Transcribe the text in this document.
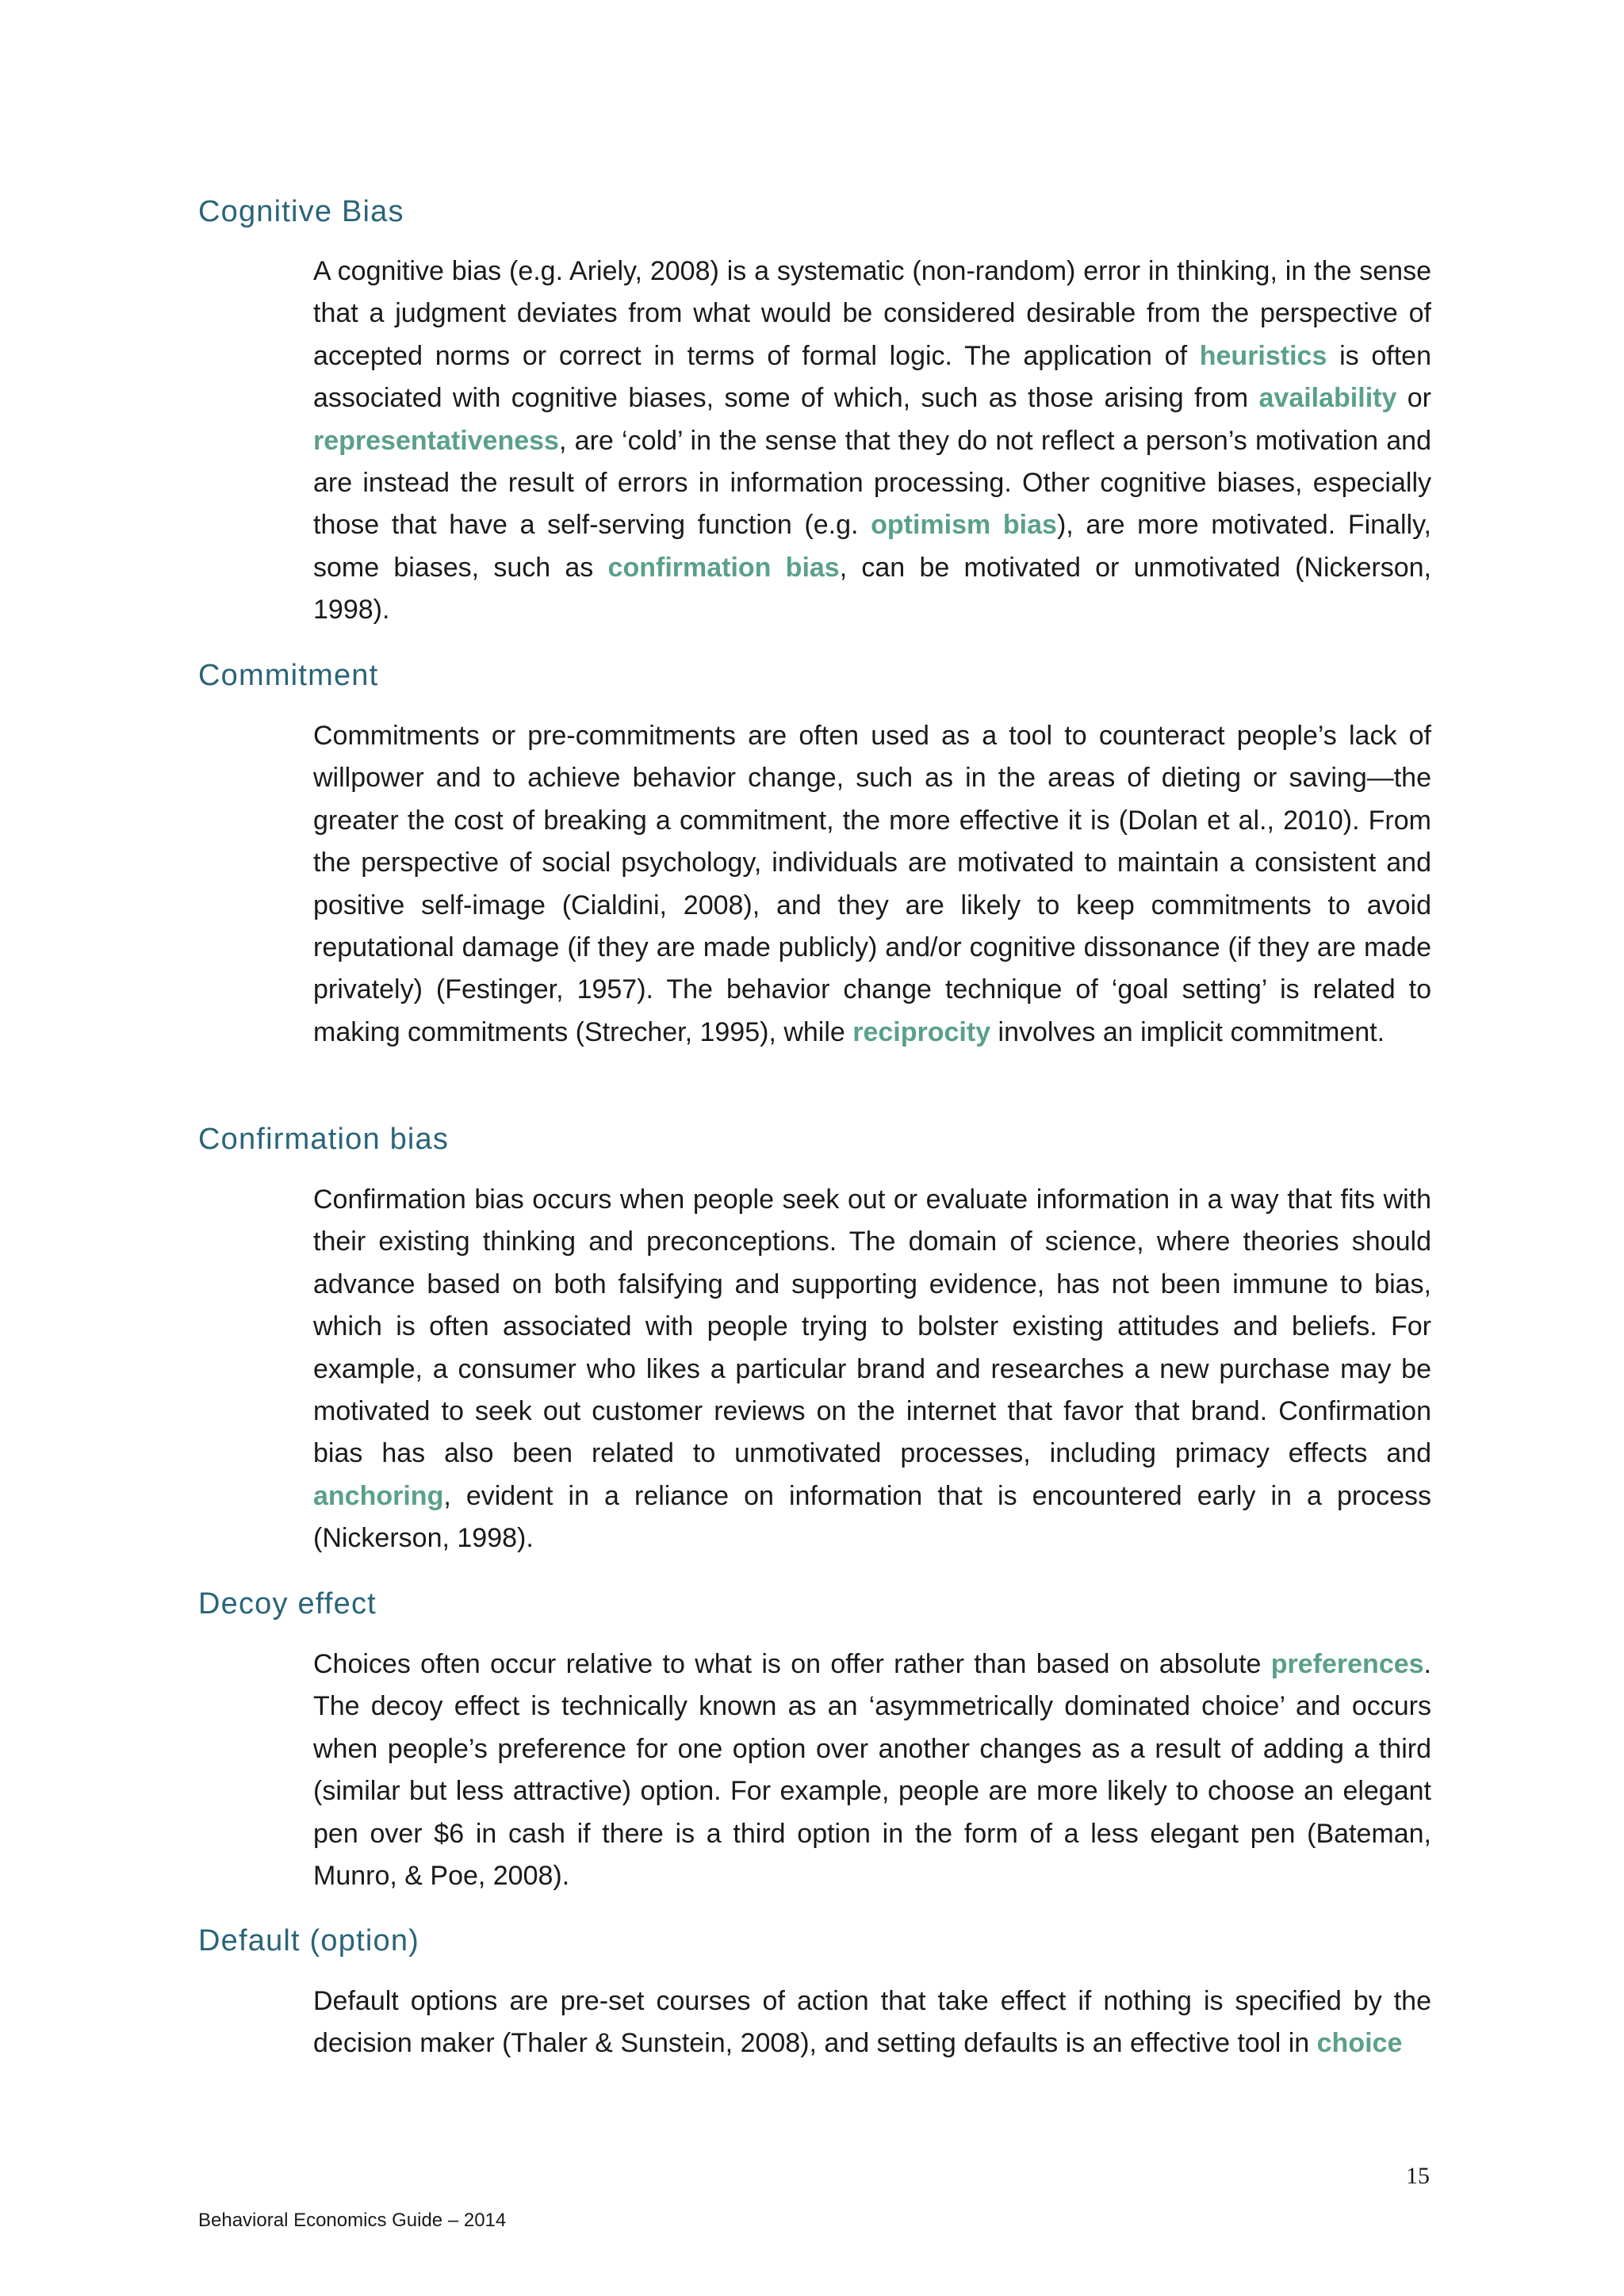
Cognitive Bias

A cognitive bias (e.g. Ariely, 2008) is a systematic (non-random) error in thinking, in the sense that a judgment deviates from what would be considered desirable from the perspective of accepted norms or correct in terms of formal logic. The application of heuristics is often associated with cognitive biases, some of which, such as those arising from availability or representativeness, are ‘cold’ in the sense that they do not reflect a person’s motivation and are instead the result of errors in information processing. Other cognitive biases, especially those that have a self-serving function (e.g. optimism bias), are more motivated. Finally, some biases, such as confirmation bias, can be motivated or unmotivated (Nickerson, 1998).

Commitment

Commitments or pre-commitments are often used as a tool to counteract people’s lack of willpower and to achieve behavior change, such as in the areas of dieting or saving—the greater the cost of breaking a commitment, the more effective it is (Dolan et al., 2010). From the perspective of social psychology, individuals are motivated to maintain a consistent and positive self-image (Cialdini, 2008), and they are likely to keep commitments to avoid reputational damage (if they are made publicly) and/or cognitive dissonance (if they are made privately) (Festinger, 1957). The behavior change technique of ‘goal setting’ is related to making commitments (Strecher, 1995), while reciprocity involves an implicit commitment.

Confirmation bias

Confirmation bias occurs when people seek out or evaluate information in a way that fits with their existing thinking and preconceptions. The domain of science, where theories should advance based on both falsifying and supporting evidence, has not been immune to bias, which is often associated with people trying to bolster existing attitudes and beliefs. For example, a consumer who likes a particular brand and researches a new purchase may be motivated to seek out customer reviews on the internet that favor that brand. Confirmation bias has also been related to unmotivated processes, including primacy effects and anchoring, evident in a reliance on information that is encountered early in a process (Nickerson, 1998).

Decoy effect

Choices often occur relative to what is on offer rather than based on absolute preferences. The decoy effect is technically known as an ‘asymmetrically dominated choice’ and occurs when people’s preference for one option over another changes as a result of adding a third (similar but less attractive) option. For example, people are more likely to choose an elegant pen over $6 in cash if there is a third option in the form of a less elegant pen (Bateman, Munro, & Poe, 2008).

Default (option)

Default options are pre-set courses of action that take effect if nothing is specified by the decision maker (Thaler & Sunstein, 2008), and setting defaults is an effective tool in choice

15
Behavioral Economics Guide – 2014
